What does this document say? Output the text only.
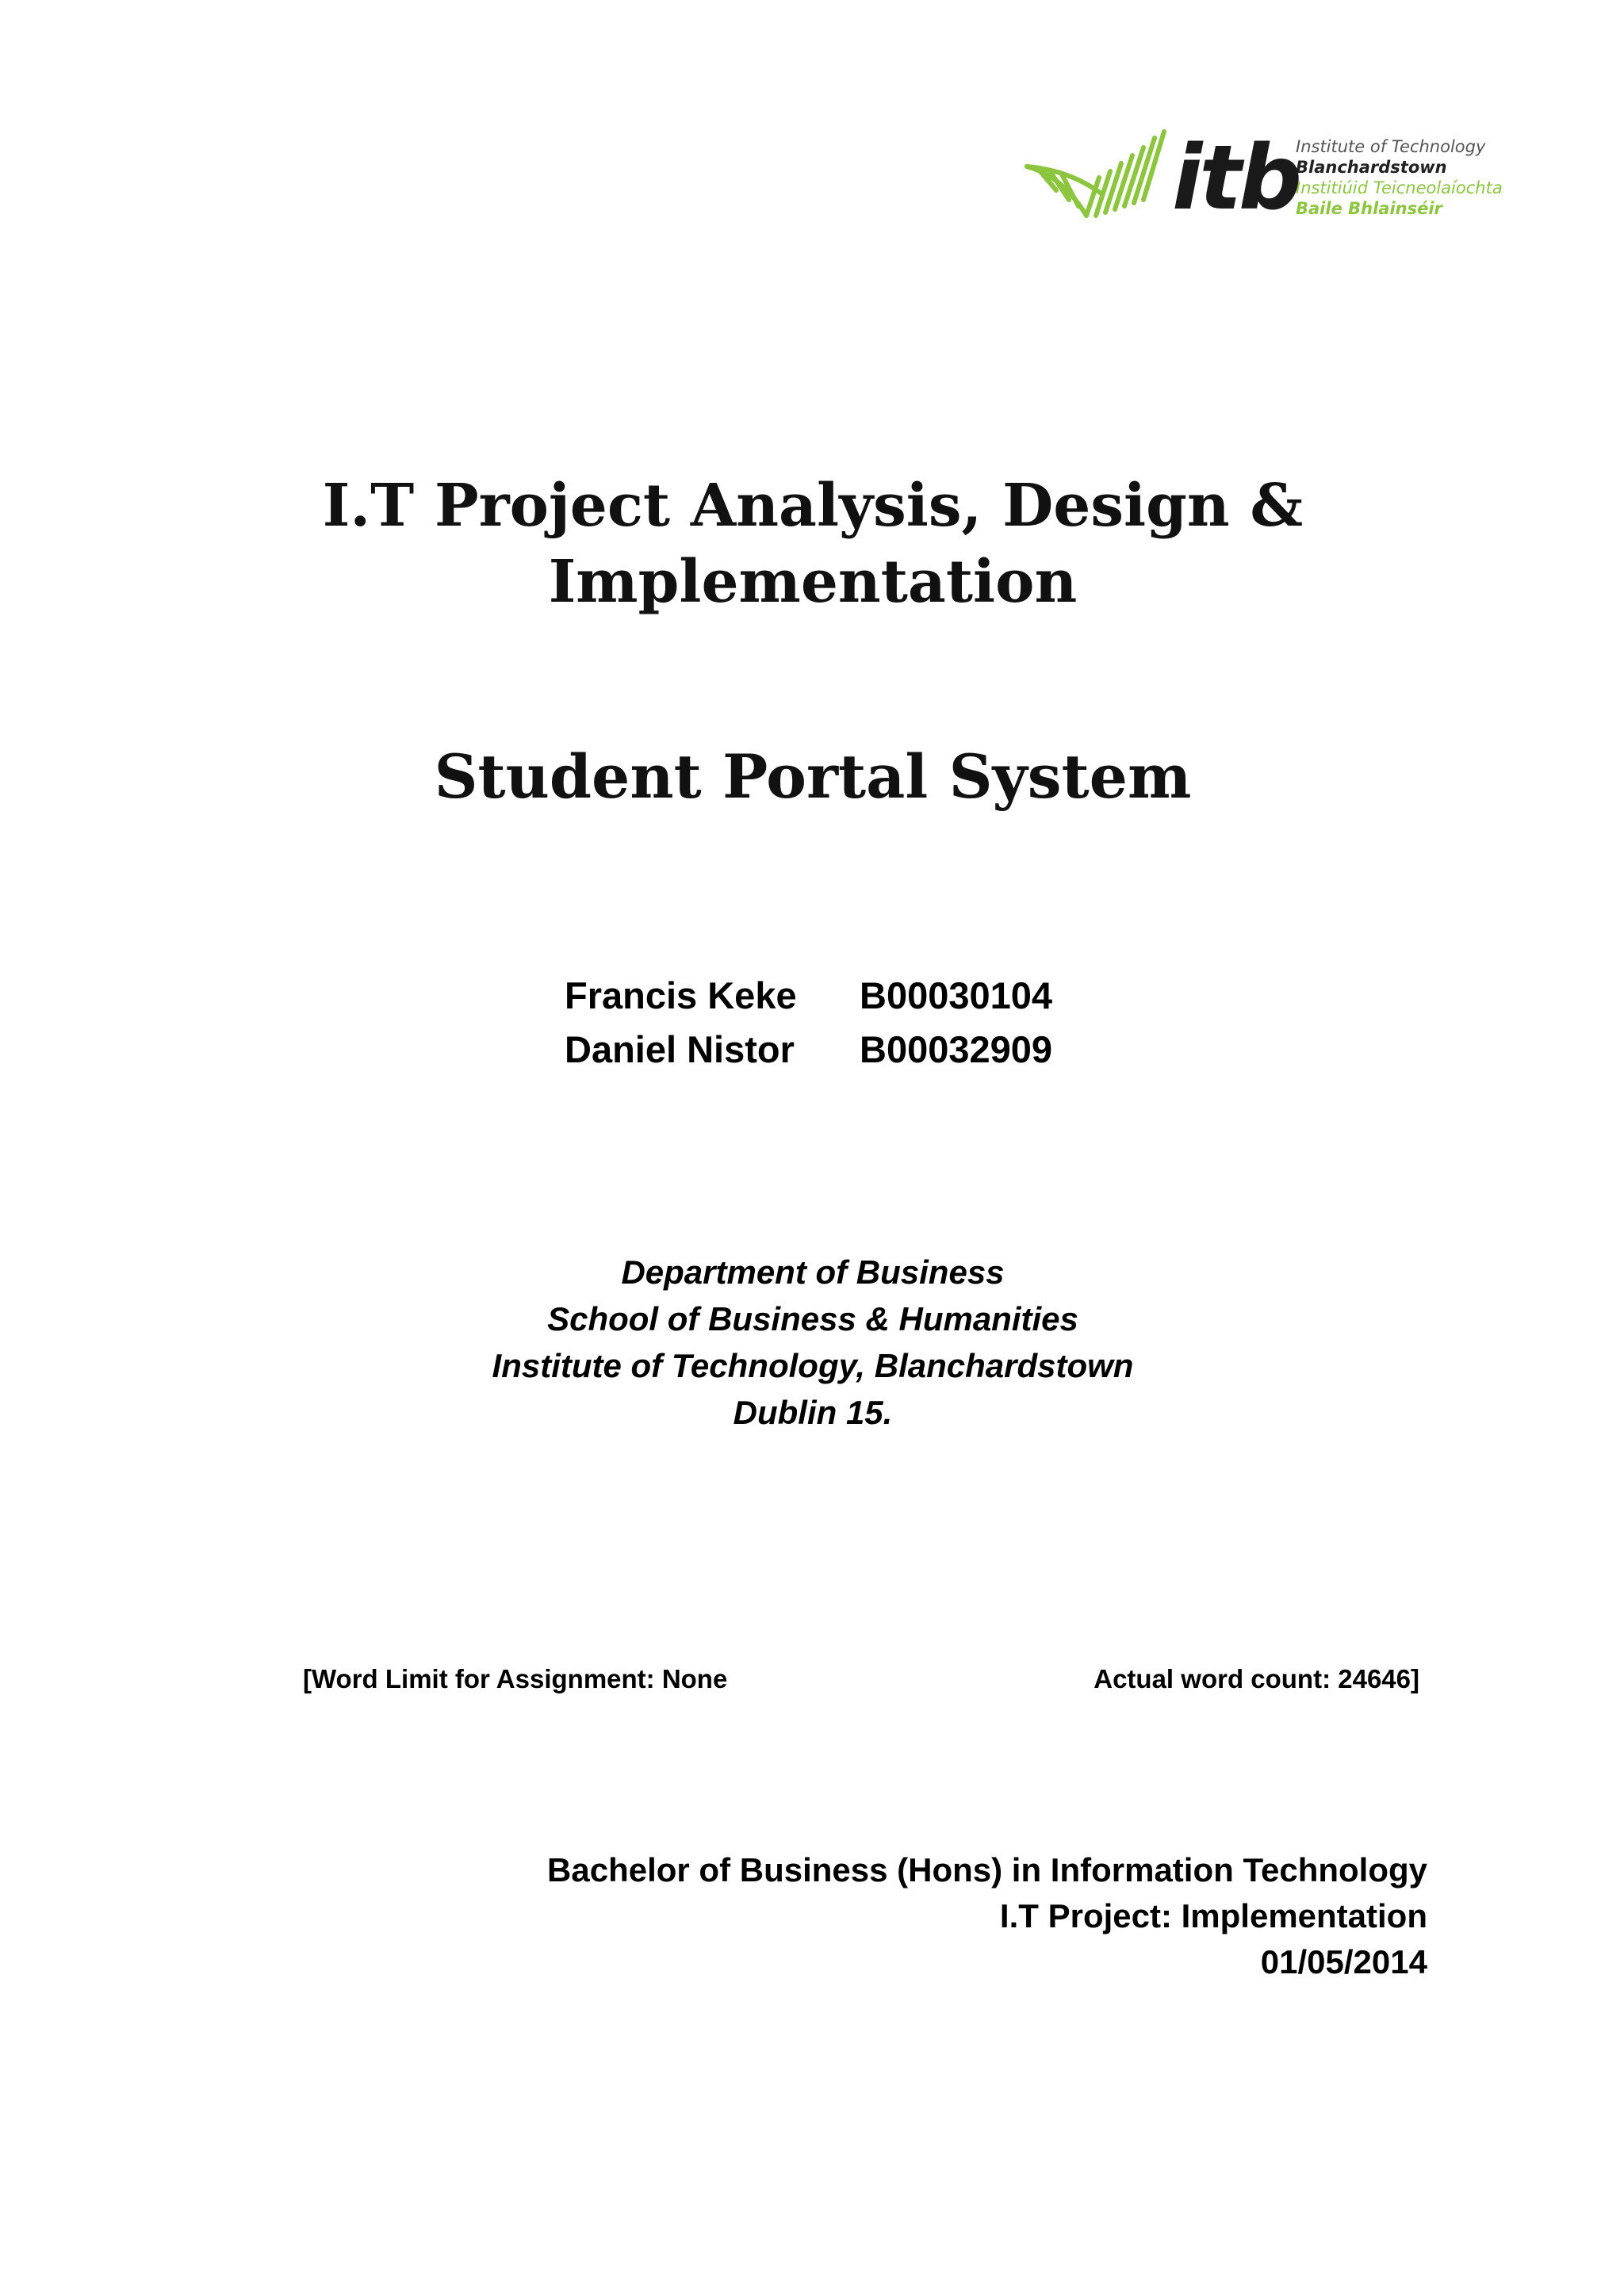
itb
Institute of Technology
Blanchardstown
Institiúid Teicneolaíochta
Baile Bhlainséir
I.T Project Analysis, Design &
Implementation
Student Portal System
Francis Keke	B00030104
Daniel Nistor	B00032909
Department of Business
School of Business & Humanities
Institute of Technology, Blanchardstown
Dublin 15.
[Word Limit for Assignment: None	Actual word count: 24646]
Bachelor of Business (Hons) in Information Technology
I.T Project: Implementation
01/05/2014
